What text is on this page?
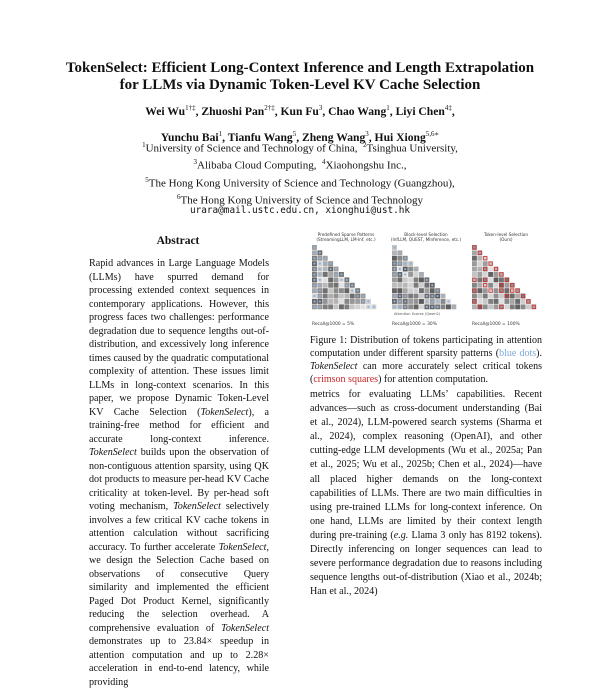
TokenSelect: Efficient Long-Context Inference and Length Extrapolation
for LLMs via Dynamic Token-Level KV Cache Selection
Wei $Wu^{1\dagger\ddagger}$, Zhuoshi Pan$^{2\dagger\ddagger}$, Kun Fu$^3$, Chao Wang$^1$, Liyi Chen$^{4\ddagger}$,
Yunchu Bai$^1$, Tianfu Wang$^5$, Zheng Wang$^3$, Hui Xiong$^{5,6∗}$
$^1$University of Science and Technology of China, $^2$Tsinghua University,
$^3$Alibaba Cloud Computing, $^4$Xiaohongshu Inc.,
$^5$The Hong Kong University of Science and Technology (Guangzhou),
$^6$The Hong Kong University of Science and Technology
urara@mail.ustc.edu.cn, xionghui@ust.hk
Abstract
Rapid advances in Large Language Models (LLMs) have spurred demand for processing extended context sequences in contemporary applications. However, this progress faces two challenges: performance degradation due to sequence lengths out-of-distribution, and excessively long inference times caused by the quadratic computational complexity of attention. These issues limit LLMs in long-context scenarios. In this paper, we propose Dynamic Token-Level KV Cache Selection (TokenSelect), a training-free method for efficient and accurate long-context inference. TokenSelect builds upon the observation of non-contiguous attention sparsity, using QK dot products to measure per-head KV Cache criticality at token-level. By per-head soft voting mechanism, TokenSelect selectively involves a few critical KV cache tokens in attention calculation without sacrificing accuracy. To further accelerate TokenSelect, we design the Selection Cache based on observations of consecutive Query similarity and implemented the efficient Paged Dot Product Kernel, significantly reducing the selection overhead. A comprehensive evaluation of TokenSelect demonstrates up to 23.84× speedup in attention computation and up to 2.28× acceleration in end-to-end latency, while providing
Predefined Sparse Patterns
(StreamingLLM, LM-Inf, etc.)
Recall@1000 = 5%
Block-level Selection
(InfLLM, QUEST, MInference, etc.)
Recall@1000 = 30%
Token-level Selection
(Ours)
Recall@1000 = 100%
Attention Scores (Qwen2)
Figure 1: Distribution of tokens participating in attention computation under different sparsity patterns (blue dots). TokenSelect can more accurately select critical tokens (crimson squares) for attention computation.
metrics for evaluating LLMs’ capabilities. Recent advances—such as cross-document understanding (Bai et al., 2024), LLM-powered search systems (Sharma et al., 2024), complex reasoning (OpenAI), and other cutting-edge LLM developments (Wu et al., 2025a; Pan et al., 2025; Wu et al., 2025b; Chen et al., 2024)—have all placed higher demands on the long-context capabilities of LLMs. There are two main difficulties in using pre-trained LLMs for long-context inference. On one hand, LLMs are limited by their context length during pre-training (e.g. Llama 3 only has 8192 tokens). Directly inferencing on longer sequences can lead to severe performance degradation due to reasons including sequence lengths out-of-distribution (Xiao et al., 2024b; Han et al., 2024)
